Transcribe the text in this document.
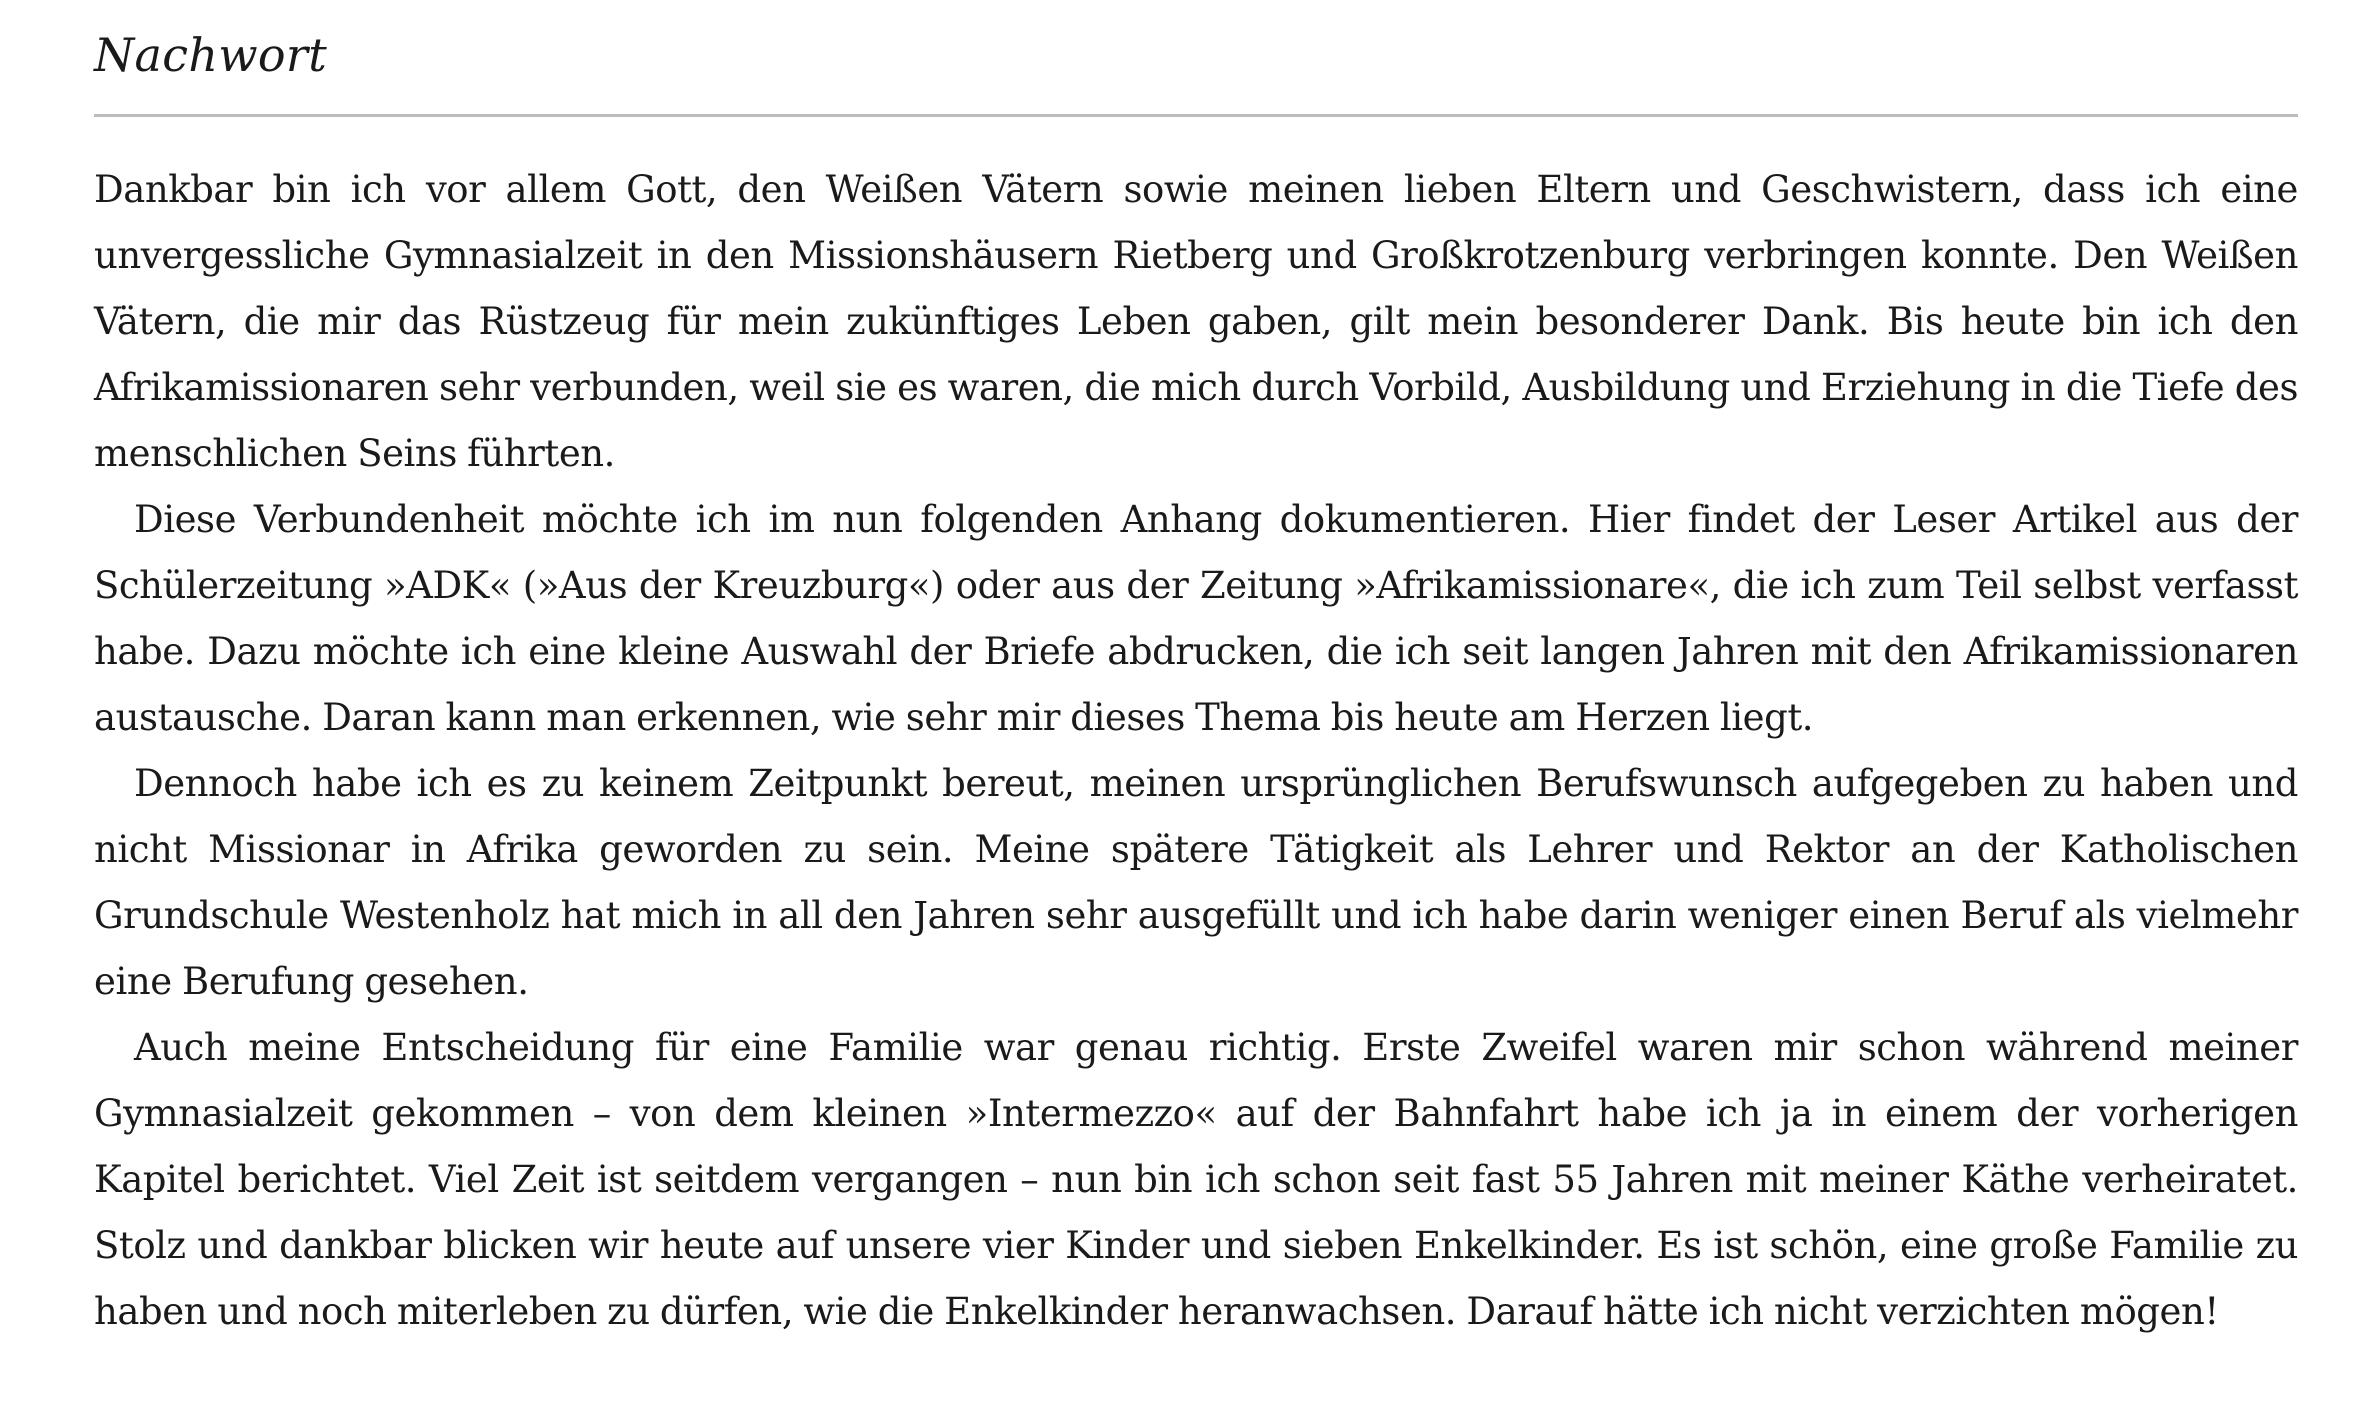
Nachwort

Dankbar bin ich vor allem Gott, den Weißen Vätern sowie meinen lieben Eltern und Geschwistern, dass ich eine unvergessliche Gymnasialzeit in den Missionshäusern Rietberg und Großkrotzenburg verbringen konnte. Den Weißen Vätern, die mir das Rüstzeug für mein zukünftiges Leben gaben, gilt mein besonderer Dank. Bis heute bin ich den Afrikamissionaren sehr verbunden, weil sie es waren, die mich durch Vorbild, Ausbildung und Erziehung in die Tiefe des menschlichen Seins führten.

Diese Verbundenheit möchte ich im nun folgenden Anhang dokumentieren. Hier findet der Leser Artikel aus der Schülerzeitung »ADK« (»Aus der Kreuzburg«) oder aus der Zeitung »Afrikamissionare«, die ich zum Teil selbst verfasst habe. Dazu möchte ich eine kleine Auswahl der Briefe abdrucken, die ich seit langen Jahren mit den Afrikamissionaren austausche. Daran kann man erkennen, wie sehr mir dieses Thema bis heute am Herzen liegt.

Dennoch habe ich es zu keinem Zeitpunkt bereut, meinen ursprünglichen Berufswunsch aufgegeben zu haben und nicht Missionar in Afrika geworden zu sein. Meine spätere Tätigkeit als Lehrer und Rektor an der Katholischen Grundschule Westenholz hat mich in all den Jahren sehr ausgefüllt und ich habe darin weniger einen Beruf als vielmehr eine Berufung gesehen.

Auch meine Entscheidung für eine Familie war genau richtig. Erste Zweifel waren mir schon während meiner Gymnasialzeit gekommen – von dem kleinen »Intermezzo« auf der Bahnfahrt habe ich ja in einem der vorherigen Kapitel berichtet. Viel Zeit ist seitdem vergangen – nun bin ich schon seit fast 55 Jahren mit meiner Käthe verheiratet. Stolz und dankbar blicken wir heute auf unsere vier Kinder und sieben Enkelkinder. Es ist schön, eine große Familie zu haben und noch miterleben zu dürfen, wie die Enkelkinder heranwachsen. Darauf hätte ich nicht verzichten mögen!
